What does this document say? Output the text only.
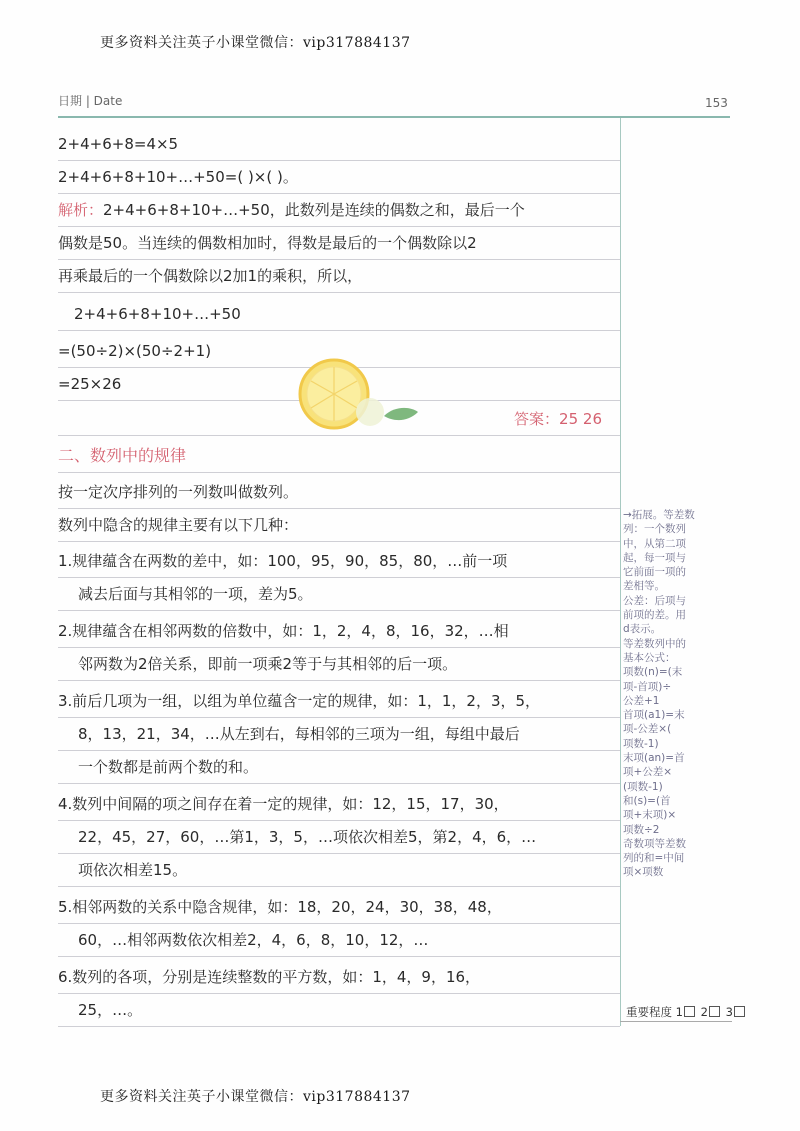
更多资料关注英子小课堂微信：vip317884137
日期 | Date	153
2+4+6+8=4×5
2+4+6+8+10+…+50=( )×( )。
解析：2+4+6+8+10+…+50，此数列是连续的偶数之和，最后一个
偶数是50。当连续的偶数相加时，得数是最后的一个偶数除以2
再乘最后的一个偶数除以2加1的乘积，所以，
2+4+6+8+10+…+50
=(50÷2)×(50÷2+1)
=25×26
答案：25 26
二、数列中的规律
按一定次序排列的一列数叫做数列。
数列中隐含的规律主要有以下几种：
1.规律蕴含在两数的差中，如：100，95，90，85，80，…前一项
减去后面与其相邻的一项，差为5。
2.规律蕴含在相邻两数的倍数中，如：1，2，4，8，16，32，…相
邻两数为2倍关系，即前一项乘2等于与其相邻的后一项。
3.前后几项为一组，以组为单位蕴含一定的规律，如：1，1，2，3，5，
8，13，21，34，…从左到右，每相邻的三项为一组，每组中最后
一个数都是前两个数的和。
4.数列中间隔的项之间存在着一定的规律，如：12，15，17，30，
22，45，27，60，…第1，3，5，…项依次相差5，第2，4，6，…
项依次相差15。
5.相邻两数的关系中隐含规律，如：18，20，24，30，38，48，
60，…相邻两数依次相差2，4，6，8，10，12，…
6.数列的各项，分别是连续整数的平方数，如：1，4，9，16，
25，…。
→拓展。等差数
列：一个数列
中，从第二项
起，每一项与
它前面一项的
差相等。
公差：后项与
前项的差。用
d表示。
等差数列中的
基本公式：
项数(n)=(末
项-首项)÷
公差+1
首项(a1)=末
项-公差×(
项数-1)
末项(an)=首
项+公差×
(项数-1)
和(s)=(首
项+末项)×
项数÷2
奇数项等差数
列的和=中间
项×项数
重要程度 1 2 3
更多资料关注英子小课堂微信：vip317884137
